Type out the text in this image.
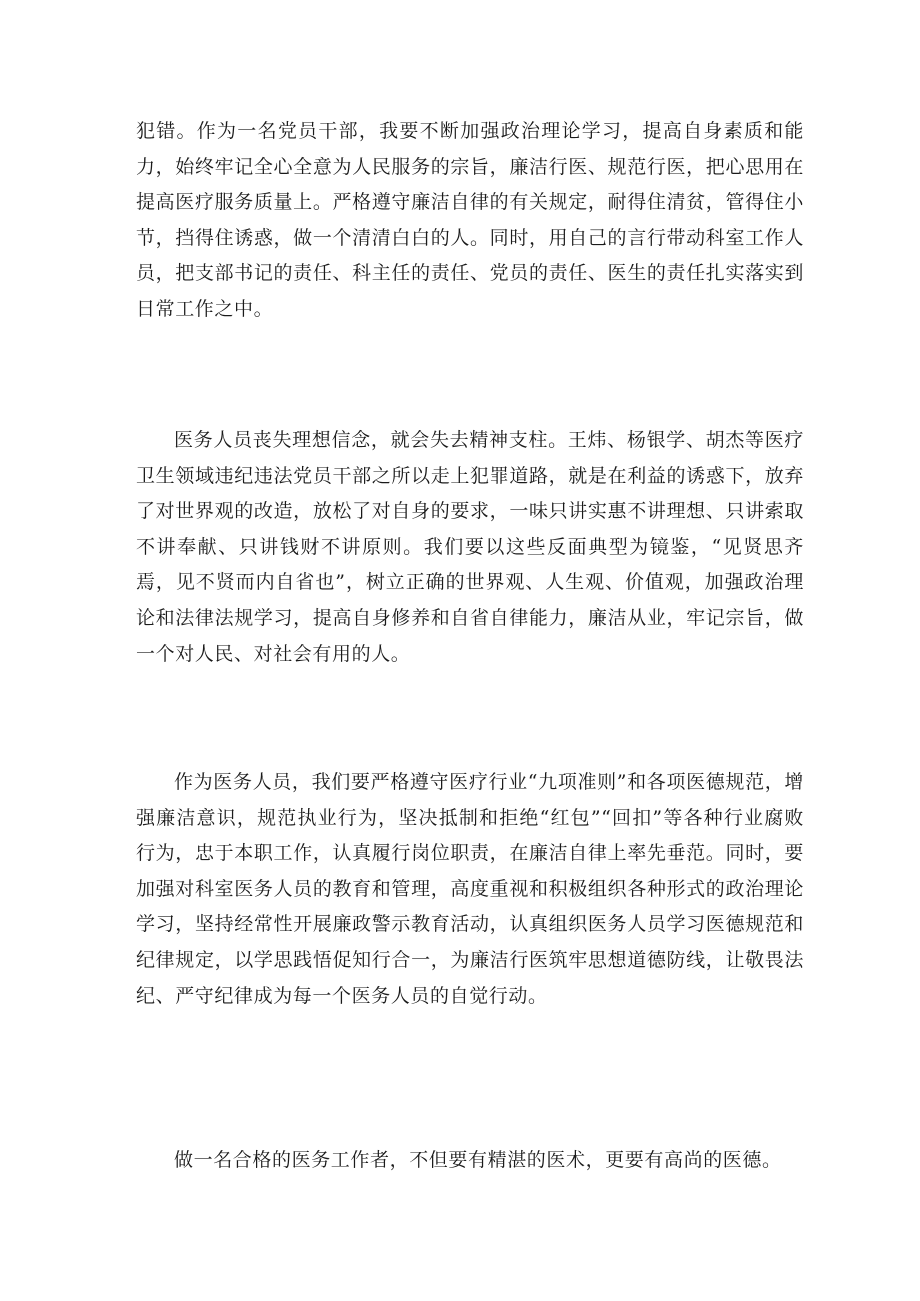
犯错。作为一名党员干部，我要不断加强政治理论学习，提高自身素质和能力，始终牢记全心全意为人民服务的宗旨，廉洁行医、规范行医，把心思用在提高医疗服务质量上。严格遵守廉洁自律的有关规定，耐得住清贫，管得住小节，挡得住诱惑，做一个清清白白的人。同时，用自己的言行带动科室工作人员，把支部书记的责任、科主任的责任、党员的责任、医生的责任扎实落实到日常工作之中。

医务人员丧失理想信念，就会失去精神支柱。王炜、杨银学、胡杰等医疗卫生领域违纪违法党员干部之所以走上犯罪道路，就是在利益的诱惑下，放弃了对世界观的改造，放松了对自身的要求，一味只讲实惠不讲理想、只讲索取不讲奉献、只讲钱财不讲原则。我们要以这些反面典型为镜鉴，“见贤思齐焉，见不贤而内自省也”，树立正确的世界观、人生观、价值观，加强政治理论和法律法规学习，提高自身修养和自省自律能力，廉洁从业，牢记宗旨，做一个对人民、对社会有用的人。

作为医务人员，我们要严格遵守医疗行业“九项准则”和各项医德规范，增强廉洁意识，规范执业行为，坚决抵制和拒绝“红包”“回扣”等各种行业腐败行为，忠于本职工作，认真履行岗位职责，在廉洁自律上率先垂范。同时，要加强对科室医务人员的教育和管理，高度重视和积极组织各种形式的政治理论学习，坚持经常性开展廉政警示教育活动，认真组织医务人员学习医德规范和纪律规定，以学思践悟促知行合一，为廉洁行医筑牢思想道德防线，让敬畏法纪、严守纪律成为每一个医务人员的自觉行动。

做一名合格的医务工作者，不但要有精湛的医术，更要有高尚的医德。
